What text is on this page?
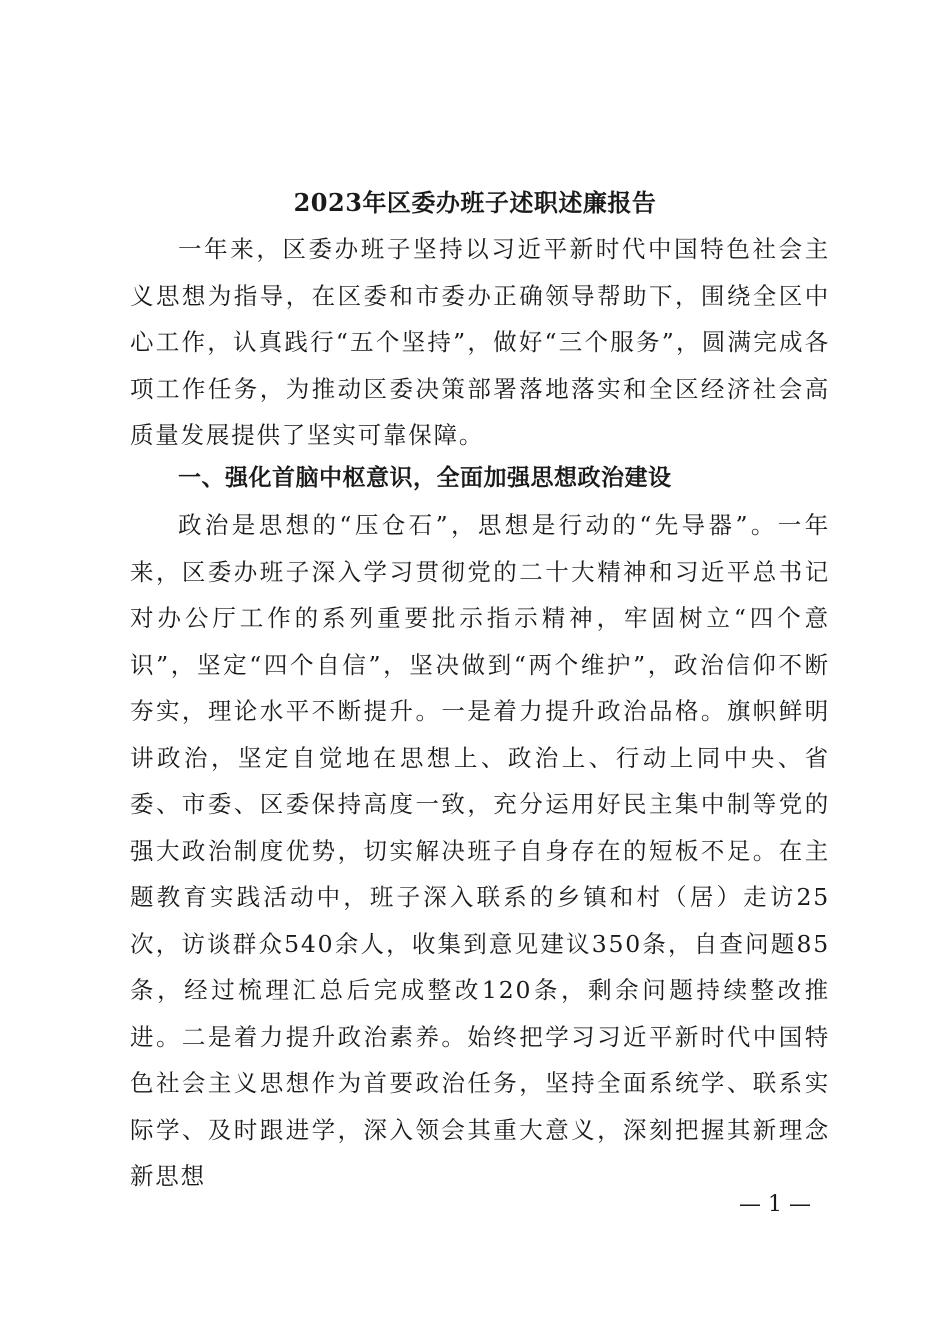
2023年区委办班子述职述廉报告

一年来，区委办班子坚持以习近平新时代中国特色社会主义思想为指导，在区委和市委办正确领导帮助下，围绕全区中心工作，认真践行“五个坚持”，做好“三个服务”，圆满完成各项工作任务，为推动区委决策部署落地落实和全区经济社会高质量发展提供了坚实可靠保障。

一、强化首脑中枢意识，全面加强思想政治建设

政治是思想的“压仓石”，思想是行动的“先导器”。一年来，区委办班子深入学习贯彻党的二十大精神和习近平总书记对办公厅工作的系列重要批示指示精神，牢固树立“四个意识”，坚定“四个自信”，坚决做到“两个维护”，政治信仰不断夯实，理论水平不断提升。一是着力提升政治品格。旗帜鲜明讲政治，坚定自觉地在思想上、政治上、行动上同中央、省委、市委、区委保持高度一致，充分运用好民主集中制等党的强大政治制度优势，切实解决班子自身存在的短板不足。在主题教育实践活动中，班子深入联系的乡镇和村（居）走访25次，访谈群众540余人，收集到意见建议350条，自查问题85条，经过梳理汇总后完成整改120条，剩余问题持续整改推进。二是着力提升政治素养。始终把学习习近平新时代中国特色社会主义思想作为首要政治任务，坚持全面系统学、联系实际学、及时跟进学，深入领会其重大意义，深刻把握其新理念新思想

— 1 —
